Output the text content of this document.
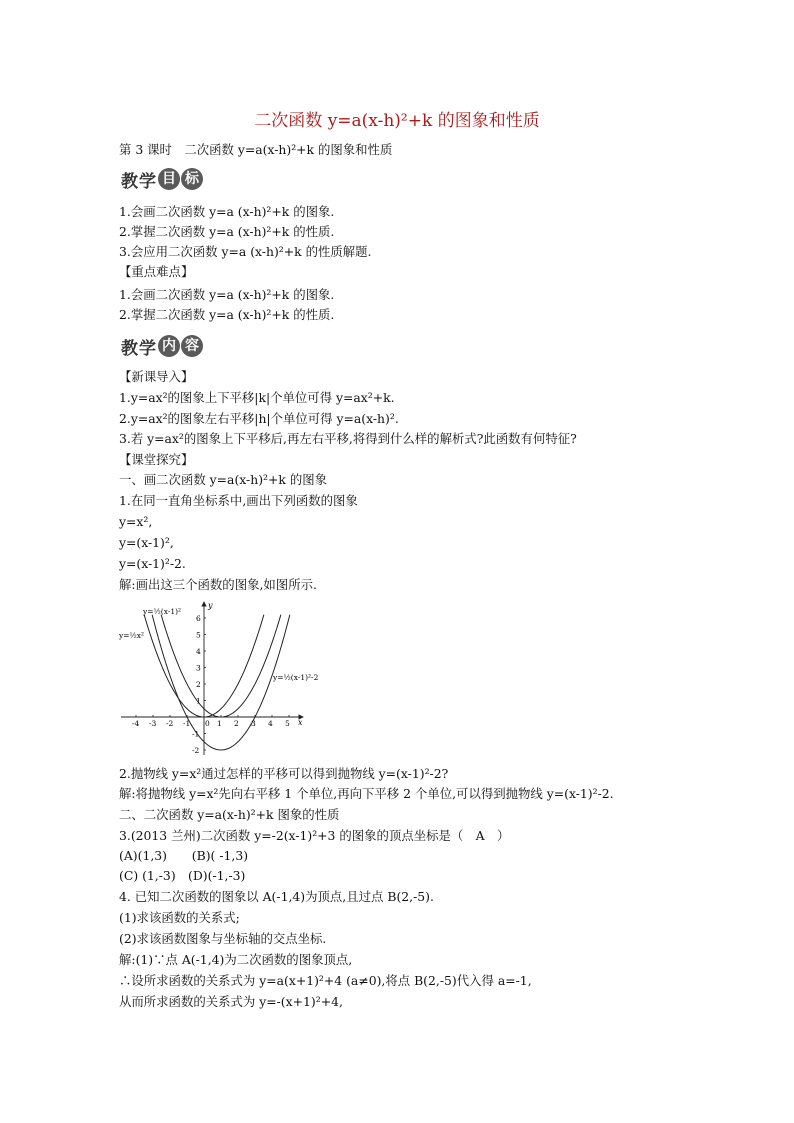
二次函数 y=a(x-h)²+k 的图象和性质
第 3 课时　二次函数 y=a(x-h)²+k 的图象和性质
教学 目 标
1.会画二次函数 y=a (x-h)²+k 的图象.
2.掌握二次函数 y=a (x-h)²+k 的性质.
3.会应用二次函数 y=a (x-h)²+k 的性质解题.
【重点难点】
1.会画二次函数 y=a (x-h)²+k 的图象.
2.掌握二次函数 y=a (x-h)²+k 的性质.
教学 内 容
【新课导入】
1.y=ax²的图象上下平移|k|个单位可得 y=ax²+k.
2.y=ax²的图象左右平移|h|个单位可得 y=a(x-h)².
3.若 y=ax²的图象上下平移后,再左右平移,将得到什么样的解析式?此函数有何特征?
【课堂探究】
一、画二次函数 y=a(x-h)²+k 的图象
1.在同一直角坐标系中,画出下列函数的图象
y=x²,
y=(x-1)²,
y=(x-1)²-2.
解:画出这三个函数的图象,如图所示.
y
x
-4 -3 -2 -1 0 1 2 3 4 5
6
5
4
3
2
1
-1
-2
y=½(x-1)²
y=½x²
y=½(x-1)²-2
2.抛物线 y=x²通过怎样的平移可以得到抛物线 y=(x-1)²-2?
解:将抛物线 y=x²先向右平移 1 个单位,再向下平移 2 个单位,可以得到抛物线 y=(x-1)²-2.
二、二次函数 y=a(x-h)²+k 图象的性质
3.(2013 兰州)二次函数 y=-2(x-1)²+3 的图象的顶点坐标是（　A　）
(A)(1,3)　　(B)( -1,3)
(C) (1,-3)　(D)(-1,-3)
4. 已知二次函数的图象以 A(-1,4)为顶点,且过点 B(2,-5).
(1)求该函数的关系式;
(2)求该函数图象与坐标轴的交点坐标.
解:(1)∵点 A(-1,4)为二次函数的图象顶点,
∴设所求函数的关系式为 y=a(x+1)²+4 (a≠0),将点 B(2,-5)代入得 a=-1,
从而所求函数的关系式为 y=-(x+1)²+4,
